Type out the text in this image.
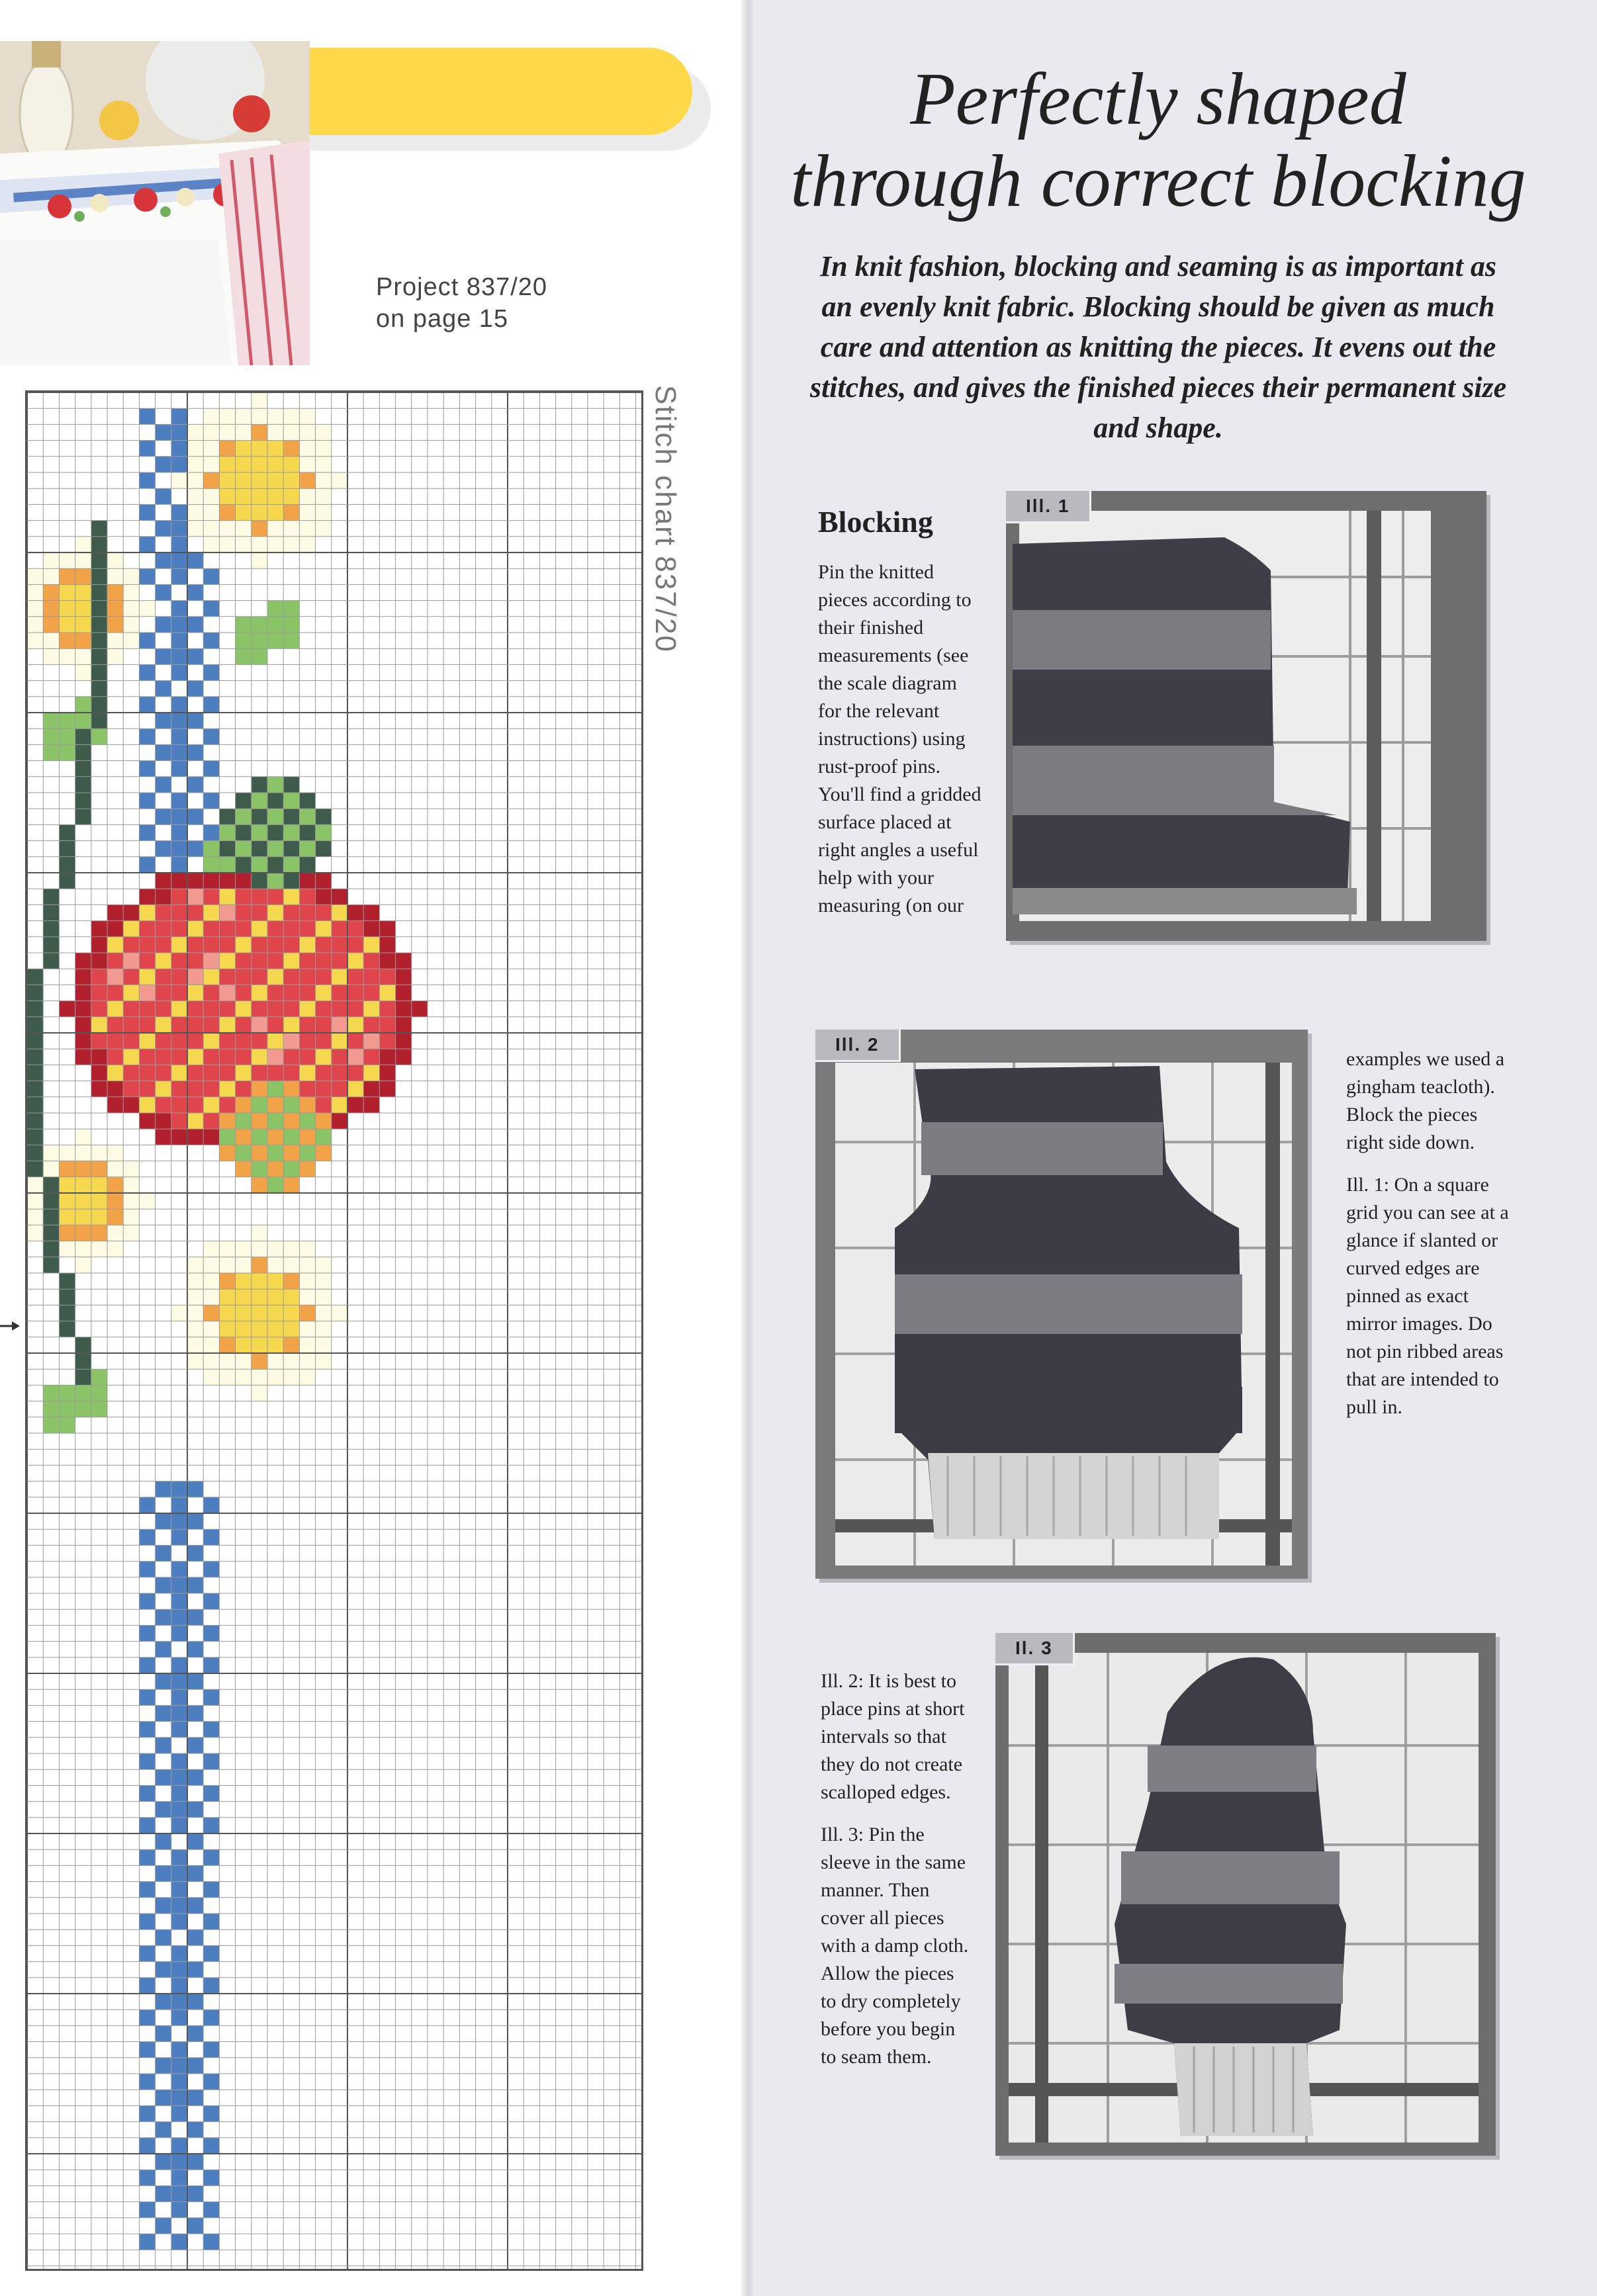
Project 837/20
on page 15
Stitch chart 837/20
Perfectly shaped
through correct blocking
In knit fashion, blocking and seaming is as important as an evenly knit fabric. Blocking should be given as much care and attention as knitting the pieces. It evens out the stitches, and gives the finished pieces their permanent size and shape.
Blocking
Pin the knitted pieces according to their finished measurements (see the scale diagram for the relevant instructions) using rust-proof pins. You'll find a gridded surface placed at right angles a useful help with your measuring (on our
examples we used a gingham teacloth). Block the pieces right side down.
Ill. 1: On a square grid you can see at a glance if slanted or curved edges are pinned as exact mirror images. Do not pin ribbed areas that are intended to pull in.
Ill. 2: It is best to place pins at short intervals so that they do not create scalloped edges.
Ill. 3: Pin the sleeve in the same manner. Then cover all pieces with a damp cloth. Allow the pieces to dry completely before you begin to seam them.
Ill. 1
Ill. 2
Il. 3
